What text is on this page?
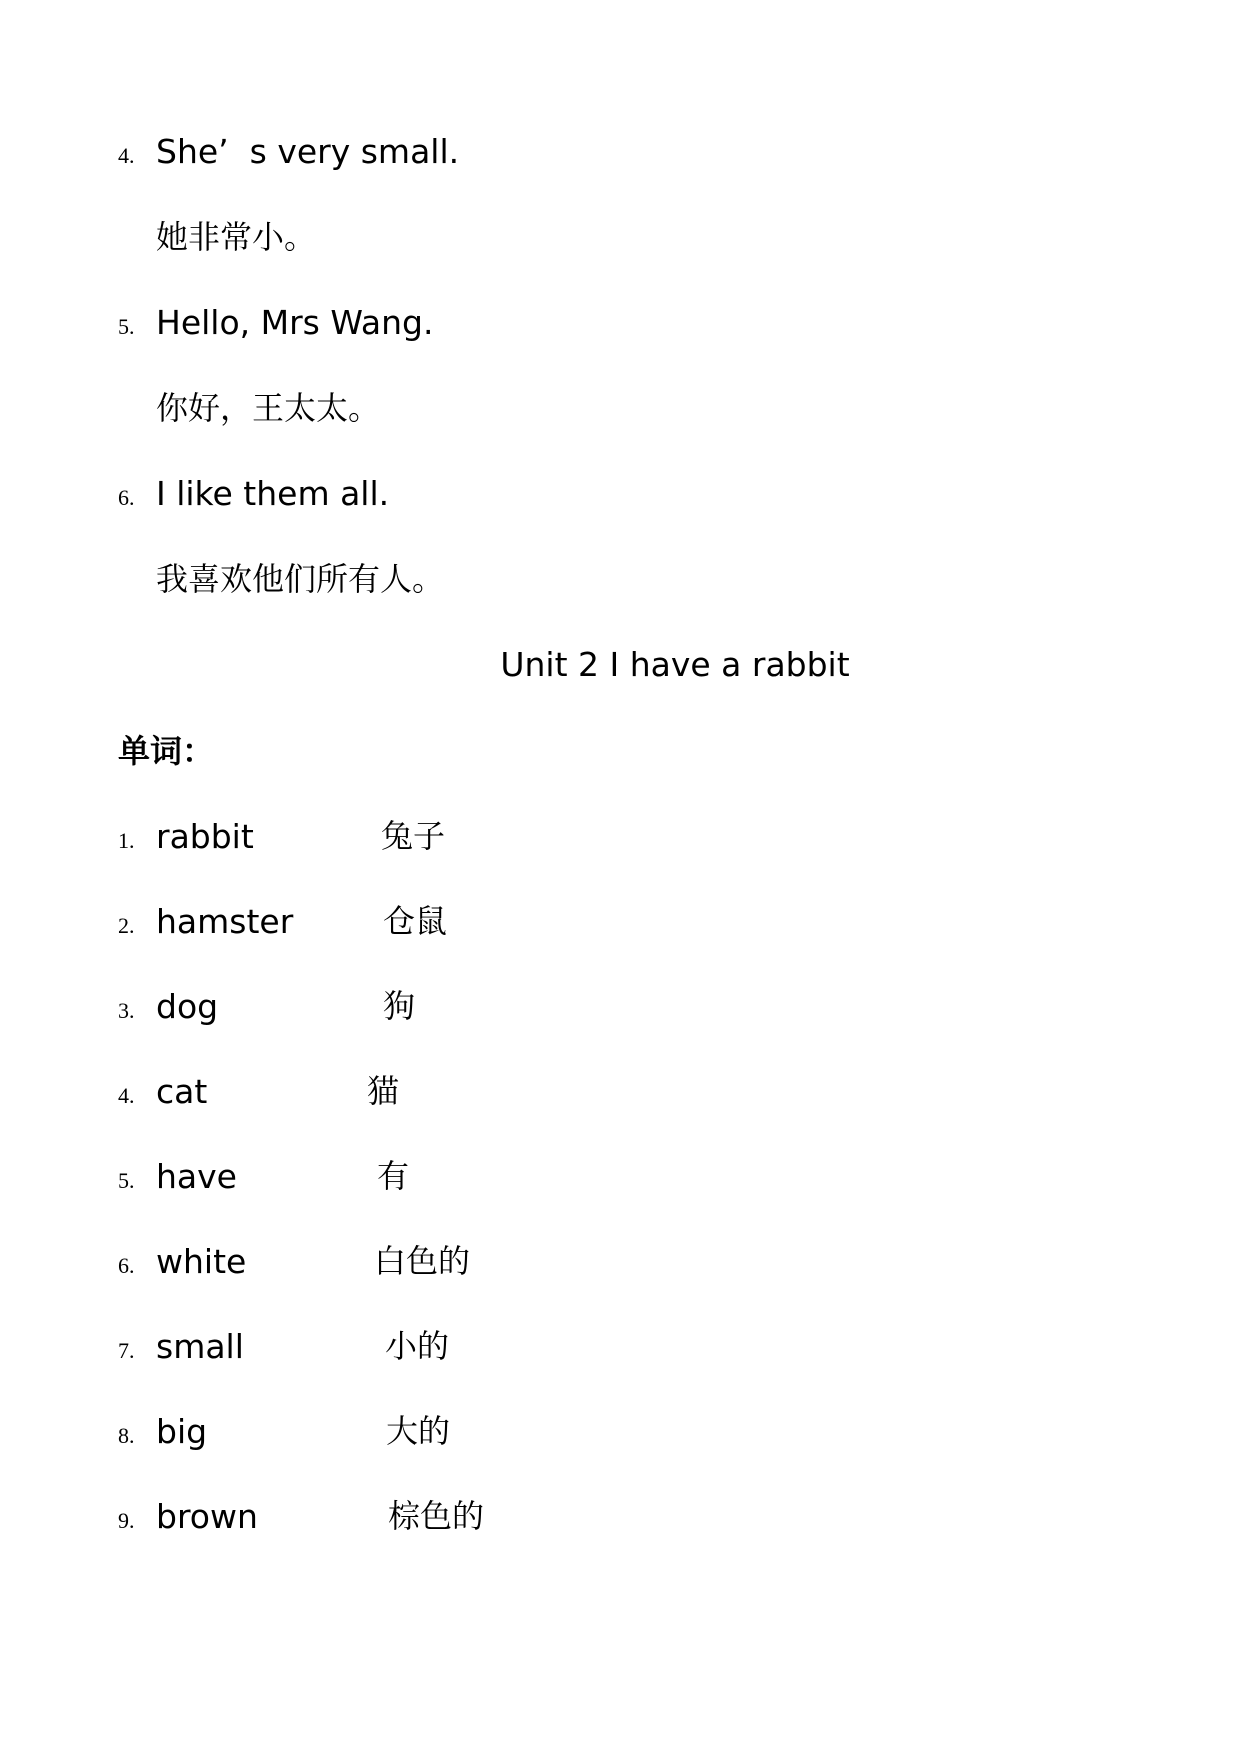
4. She’  s very small.
她非常小。
5. Hello, Mrs Wang.
你好，王太太。
6. I like them all.
我喜欢他们所有人。
Unit 2 I have a rabbit
单词：
1. rabbit	兔子
2. hamster	仓鼠
3. dog	狗
4. cat	猫
5. have	有
6. white	白色的
7. small	小的
8. big	大的
9. brown	棕色的
